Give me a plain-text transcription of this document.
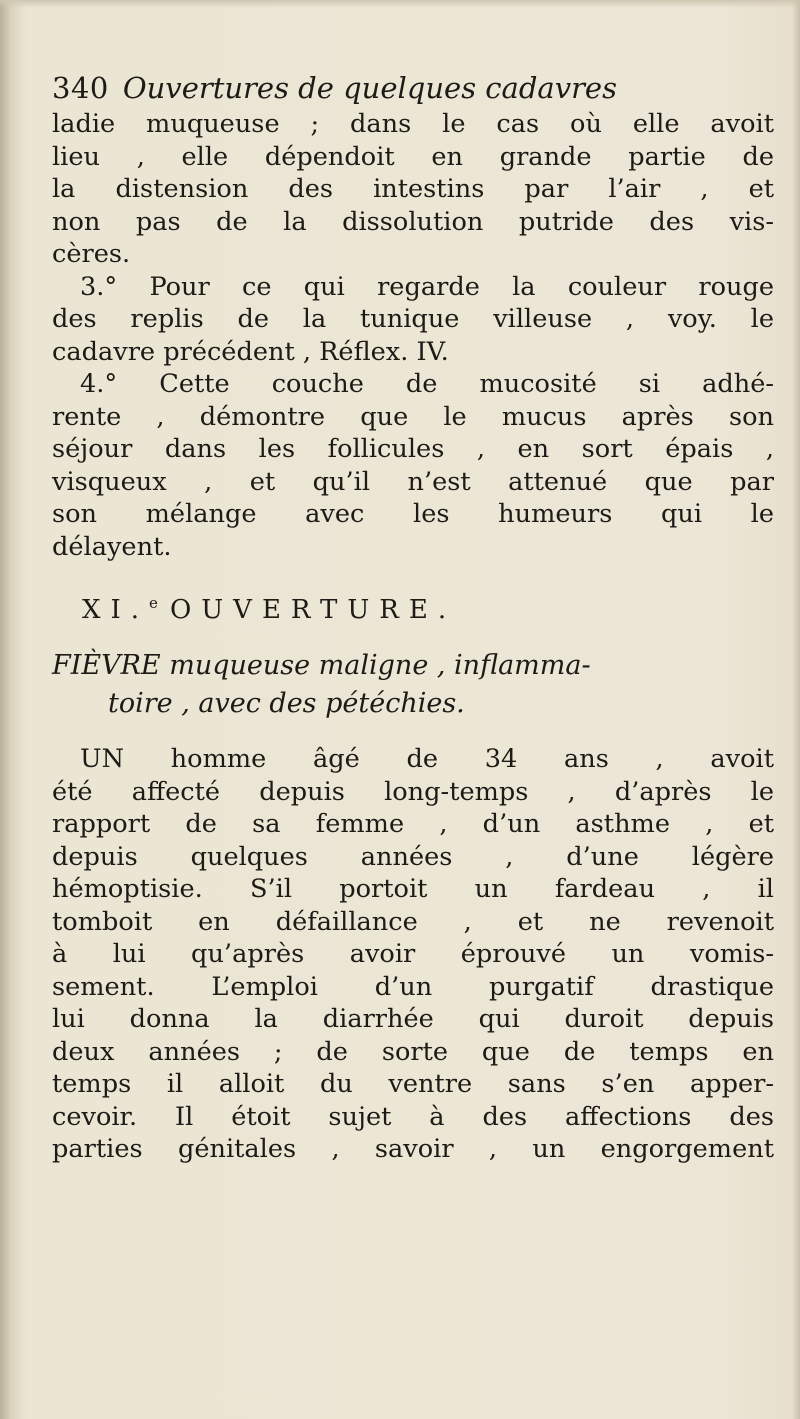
340 Ouvertures de quelques cadavres

ladie muqueuse ; dans le cas où elle avoit
lieu , elle dépendoit en grande partie de
la distension des intestins par l’air , et
non pas de la dissolution putride des vis-
cères.

3.° Pour ce qui regarde la couleur rouge
des replis de la tunique villeuse , voy. le
cadavre précédent , Réflex. IV.

4.° Cette couche de mucosité si adhé-
rente , démontre que le mucus après son
séjour dans les follicules , en sort épais ,
visqueux , et qu’il n’est attenué que par
son mélange avec les humeurs qui le
délayent.

XI.$^e$ OUVERTURE.
FIÈVRE muqueuse maligne , inflamma-
toire , avec des pétéchies.

UN homme âgé de 34 ans , avoit
été affecté depuis long-temps , d’après le
rapport de sa femme , d’un asthme , et
depuis quelques années , d’une légère
hémoptisie. S’il portoit un fardeau , il
tomboit en défaillance , et ne revenoit
à lui qu’après avoir éprouvé un vomis-
sement. L’emploi d’un purgatif drastique
lui donna la diarrhée qui duroit depuis
deux années ; de sorte que de temps en
temps il alloit du ventre sans s’en apper-
cevoir. Il étoit sujet à des affections des
parties génitales , savoir , un engorgement
